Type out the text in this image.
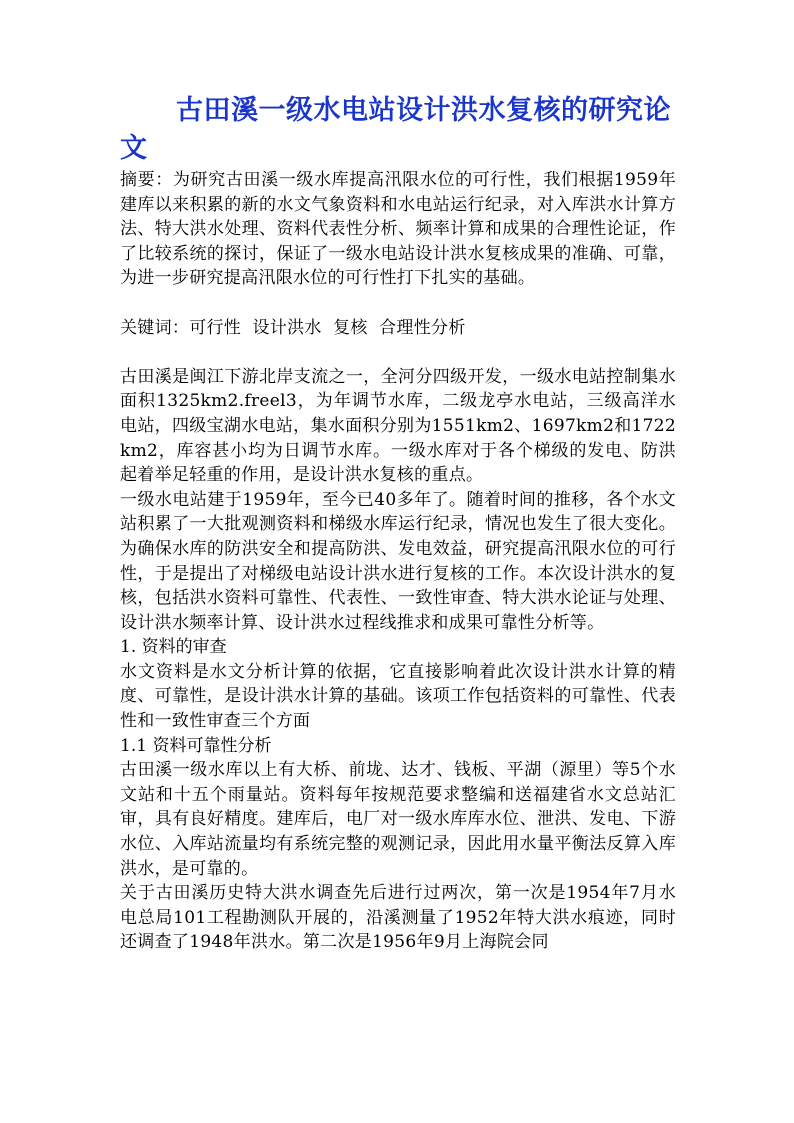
古田溪一级水电站设计洪水复核的研究论文

摘要：为研究古田溪一级水库提高汛限水位的可行性，我们根据1959年建库以来积累的新的水文气象资料和水电站运行纪录，对入库洪水计算方法、特大洪水处理、资料代表性分析、频率计算和成果的合理性论证，作了比较系统的探讨，保证了一级水电站设计洪水复核成果的准确、可靠，为进一步研究提高汛限水位的可行性打下扎实的基础。

关键词：可行性  设计洪水  复核  合理性分析

古田溪是闽江下游北岸支流之一，全河分四级开发，一级水电站控制集水面积1325km2.freel3，为年调节水库，二级龙亭水电站，三级高洋水电站，四级宝湖水电站，集水面积分别为1551km2、1697km2和1722km2，库容甚小均为日调节水库。一级水库对于各个梯级的发电、防洪起着举足轻重的作用，是设计洪水复核的重点。

一级水电站建于1959年，至今已40多年了。随着时间的推移，各个水文站积累了一大批观测资料和梯级水库运行纪录，情况也发生了很大变化。为确保水库的防洪安全和提高防洪、发电效益，研究提高汛限水位的可行性，于是提出了对梯级电站设计洪水进行复核的工作。本次设计洪水的复核，包括洪水资料可靠性、代表性、一致性审查、特大洪水论证与处理、设计洪水频率计算、设计洪水过程线推求和成果可靠性分析等。

1. 资料的审查

水文资料是水文分析计算的依据，它直接影响着此次设计洪水计算的精度、可靠性，是设计洪水计算的基础。该项工作包括资料的可靠性、代表性和一致性审查三个方面

1.1 资料可靠性分析

古田溪一级水库以上有大桥、前垅、达才、钱板、平湖（源里）等5个水文站和十五个雨量站。资料每年按规范要求整编和送福建省水文总站汇审，具有良好精度。建库后，电厂对一级水库库水位、泄洪、发电、下游水位、入库站流量均有系统完整的观测记录，因此用水量平衡法反算入库洪水，是可靠的。

关于古田溪历史特大洪水调查先后进行过两次，第一次是1954年7月水电总局101工程勘测队开展的，沿溪测量了1952年特大洪水痕迹，同时还调查了1948年洪水。第二次是1956年9月上海院会同
